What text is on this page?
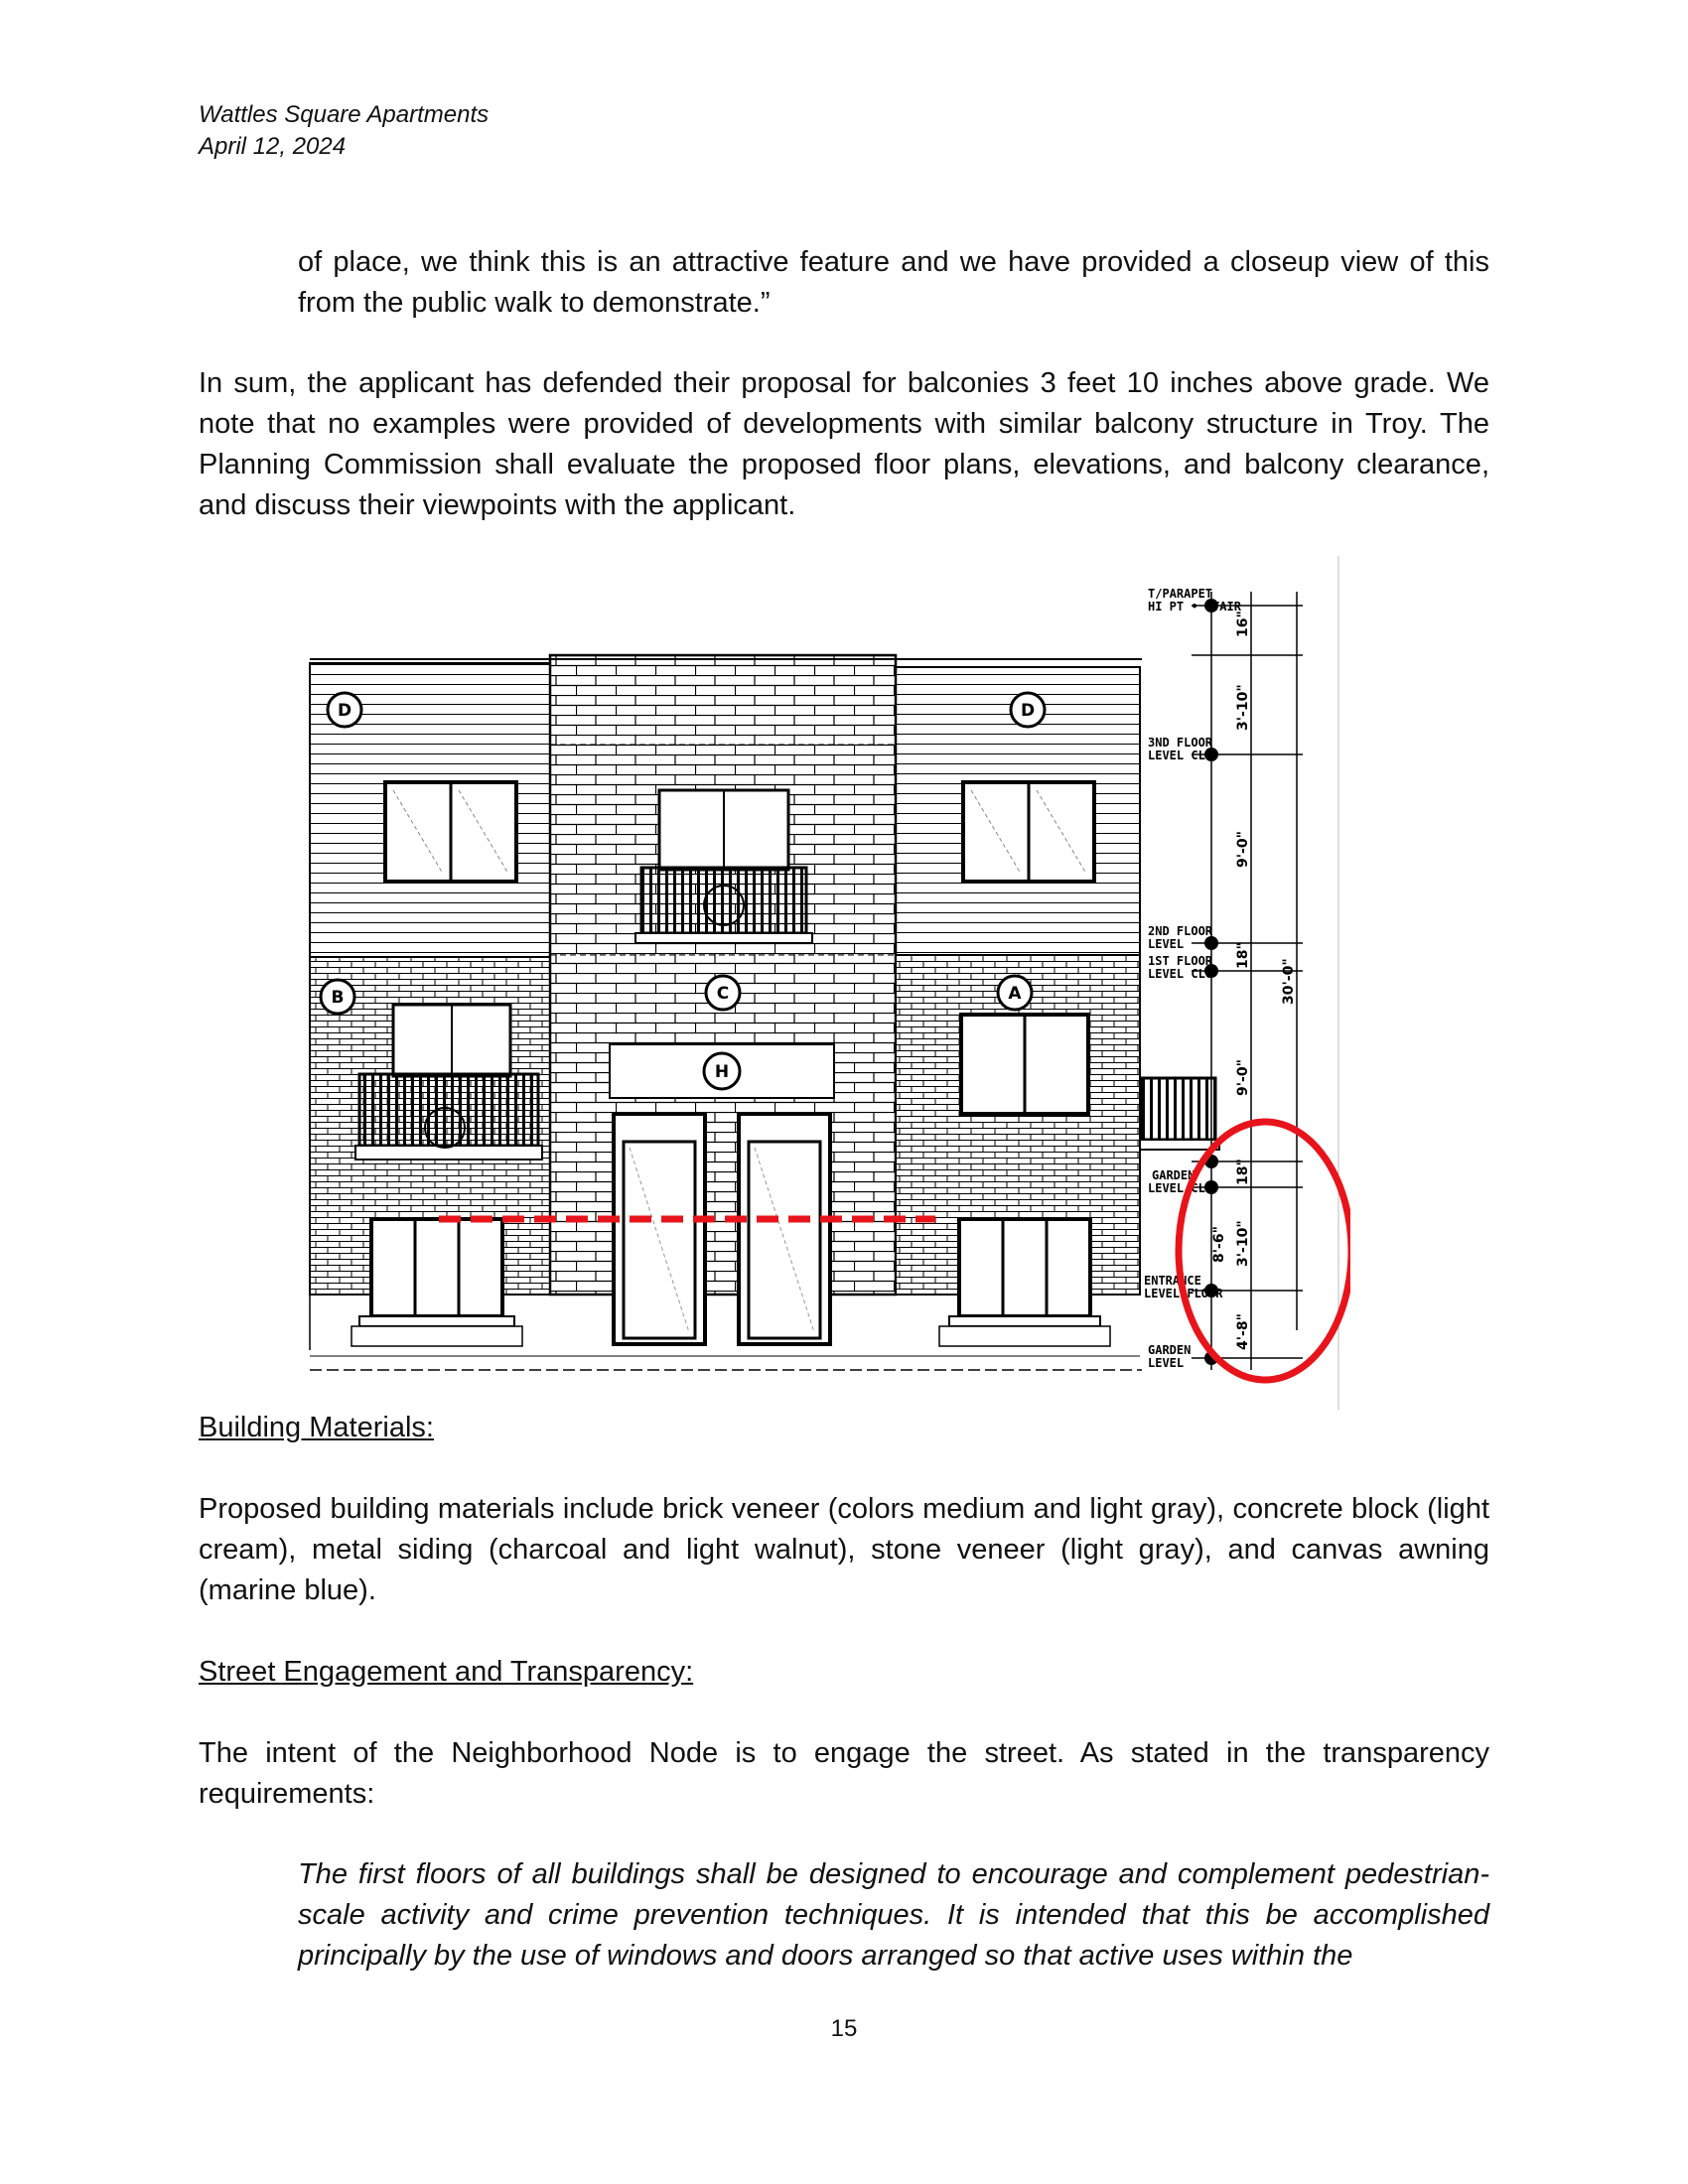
Wattles Square Apartments
April 12, 2024
of place, we think this is an attractive feature and we have provided a closeup view of this from the public walk to demonstrate.”
In sum, the applicant has defended their proposal for balconies 3 feet 10 inches above grade. We note that no examples were provided of developments with similar balcony structure in Troy. The Planning Commission shall evaluate the proposed floor plans, elevations, and balcony clearance, and discuss their viewpoints with the applicant.
D
B	C
H
D
A
T/PARAPET
HI PT • STAIR
3ND FLOOR
LEVEL CLG
2ND FLOOR
LEVEL
1ST FLOOR
LEVEL CLG
GARDEN
LEVEL CLG
ENTRANCE
LEVEL FLOOR
GARDEN
LEVEL
16"
3'-10"
9'-0"
18"
30'-0"
9'-0"
18"
3'-10"
8'-6"
4'-8"
Building Materials:
Proposed building materials include brick veneer (colors medium and light gray), concrete block (light cream), metal siding (charcoal and light walnut), stone veneer (light gray), and canvas awning (marine blue).
Street Engagement and Transparency:
The intent of the Neighborhood Node is to engage the street. As stated in the transparency requirements:
The first floors of all buildings shall be designed to encourage and complement pedestrian-scale activity and crime prevention techniques. It is intended that this be accomplished principally by the use of windows and doors arranged so that active uses within the
15
